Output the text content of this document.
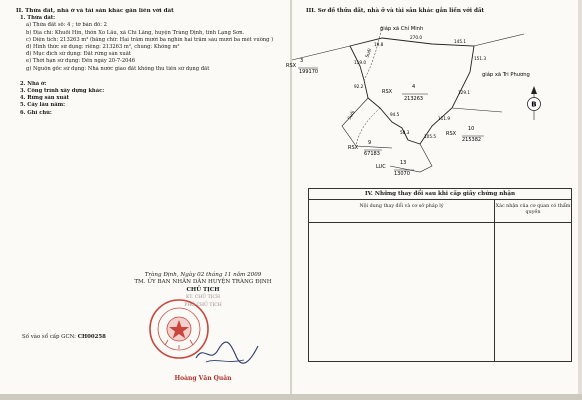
II. Thửa đất, nhà ở và tài sản khác gắn liền với đất
1. Thửa đất:
a) Thửa đất số: 4 ; tờ bản đồ: 2
b) Địa chỉ: Khuổi Hin, thôn Xo Lầu, xã Chí Lăng, huyện Tràng Định, tỉnh Lạng Sơn.
c) Diện tích: 213263 m² (bằng chữ: Hai trăm mười ba nghìn hai trăm sáu mươi ba mét vuông )
d) Hình thức sử dụng: riêng: 213263 m², chung: Không m²
đ) Mục đích sử dụng: Đất rừng sản xuất
e) Thời hạn sử dụng: Đến ngày 20-7-2046
g) Nguồn gốc sử dụng: Nhà nước giao đất không thu tiền sử dụng đất
2. Nhà ở:
3. Công trình xây dựng khác:
4. Rừng sản xuất
5. Cây lâu năm:
6. Ghi chú:
Tràng Định, Ngày 02 tháng 11 năm 2009
TM. ỦY BAN NHÂN DÂN HUYỆN TRÀNG ĐỊNH
CHỦ TỊCH
KT. CHỦ TỊCH
PHÓ CHỦ TỊCH
Hoàng Văn Quân
Số vào sổ cấp GCN: CH00258
III. Sơ đồ thửa đất, nhà ở và tài sản khác gắn liền với đất
giáp xã Chí Minh
giáp xã Tri Phương
270.0
145.1
151.3
129.1
111.9
105.5
94.5
92.2
119.0
50.3
19.8
Suối
Suối
3
RSX
199170
4
RSX
213263
9
RSX
67183
10
RSX
215382
13
LUC
13070
B
IV. Những thay đổi sau khi cấp giấy chứng nhận
Nội dung thay đổi và cơ sở pháp lý	Xác nhận của cơ quan có thẩm quyền
